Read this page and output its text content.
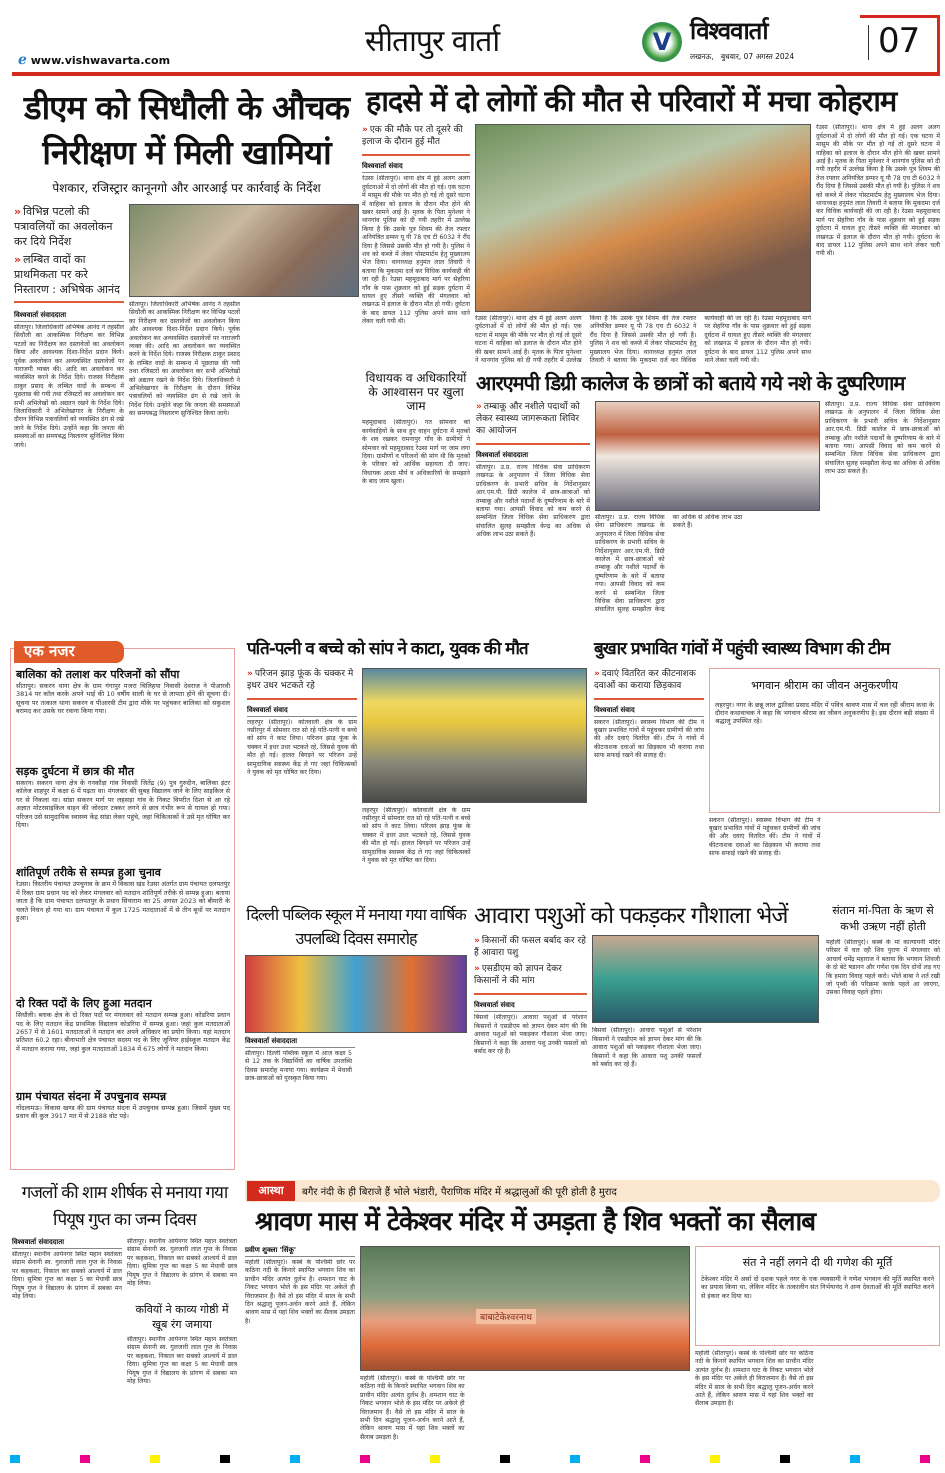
ℯ www.vishwavarta.com
सीतापुर वार्ता	V विश्ववार्ता
लखनऊ, बुधवार, 07 अगस्त 2024 07
डीएम को सिधौली के औचक निरीक्षण में मिली खामियां
पेशकार, रजिस्ट्रार कानूनगो और आरआई पर कार्रवाई के निर्देश
» विभिन्न पटलो की पत्रावलियों का अवलोकन कर दिये निर्देश
» लम्बित वादों का प्राथमिकता पर करे निस्तारण : अभिषेक आनंद
विश्ववार्ता संवाददाता
सीतापुर। जिलाधिकारी अभिषेक आनंद ने तहसील सिधौली का आकस्मिक निरीक्षण कर विभिन्न पटलों का निरीक्षण कर दस्तावेजों का अवलोकन किया और आवश्यक दिशा-निर्देश प्रदान किये। पूर्वक अवलोकन कर अव्यवस्थित दस्तावेजों पर नाराजगी व्यक्त की। आदि का अवलोकन कर व्यवस्थित करने के निर्देश दिये। राजस्व निरीक्षक ठाकुर प्रसाद के लम्बित वादों के सम्बन्ध में पूछताछ की गयी तथा रजिस्टरों का अवलोकन कर सभी अभिलेखों को अद्यतन रखने के निर्देश दिये। जिलाधिकारी ने अभिलेखागार के निरीक्षण के दौरान विभिन्न पत्रावलियों को व्यवस्थित ढंग से रखे जाने के निर्देश दिये। उन्होंने कहा कि जनता की समस्याओं का समयबद्ध निस्तारण सुनिश्चित किया जाये।
सीतापुर। जिलाधिकारी अभिषेक आनंद ने तहसील सिधौली का आकस्मिक निरीक्षण कर विभिन्न पटलों का निरीक्षण कर दस्तावेजों का अवलोकन किया और आवश्यक दिशा-निर्देश प्रदान किये। पूर्वक अवलोकन कर अव्यवस्थित दस्तावेजों पर नाराजगी व्यक्त की। आदि का अवलोकन कर व्यवस्थित करने के निर्देश दिये। राजस्व निरीक्षक ठाकुर प्रसाद के लम्बित वादों के सम्बन्ध में पूछताछ की गयी तथा रजिस्टरों का अवलोकन कर सभी अभिलेखों को अद्यतन रखने के निर्देश दिये। जिलाधिकारी ने अभिलेखागार के निरीक्षण के दौरान विभिन्न पत्रावलियों को व्यवस्थित ढंग से रखे जाने के निर्देश दिये। उन्होंने कहा कि जनता की समस्याओं का समयबद्ध निस्तारण सुनिश्चित किया जाये।
हादसे में दो लोगों की मौत से परिवारों में मचा कोहराम
» एक की मौके पर तो दूसरे की इलाज के दौरान हुई मौत
विश्ववार्ता संवाद
रेउसा (सीतापुर)। थाना क्षेत्र में हुई अलग अलग दुर्घटनाओं में दो लोगों की मौत हो गई। एक घटना में मासूम की मौके पर मौत हो गई तो दूसरे घटना में वाहिका को इलाज के दौरान मौत होने की खबर सामने आई है। मृतक के पिता मुनेश्वर ने थानगांव पुलिस को दी गयी तहरीर में उल्लेख किया है कि उसके पुत्र शिवम की तेज रफ्तार अनियंत्रित डम्फर यू पी 78 एच टी 6032 ने रौंद दिया है जिससे उसकी मौत हो गयी है। पुलिस ने शव को कब्जे में लेकर पोस्टमार्टम हेतु मुख्यालय भेज दिया। थानाध्यक्ष हनुमंत लाल तिवारी ने बताया कि मुकदमा दर्ज कर विधिक कार्यवाही की जा रही है। रेउसा महमूदाबाद मार्ग पर सेहरिया गाँव के पास शुक्रवार को हुई सड़क दुर्घटना में घायल हुए तीसरे व्यक्ति की मंगलवार को लखनऊ में इलाज के दौरान मौत हो गयी। दुर्घटना के बाद डायल 112 पुलिस अपने साथ थाने लेकर चली गयी थी।	रेउसा (सीतापुर)। थाना क्षेत्र में हुई अलग अलग दुर्घटनाओं में दो लोगों की मौत हो गई। एक घटना में मासूम की मौके पर मौत हो गई तो दूसरे घटना में वाहिका को इलाज के दौरान मौत होने की खबर सामने आई है। मृतक के पिता मुनेश्वर ने थानगांव पुलिस को दी गयी तहरीर में उल्लेख किया है कि उसके पुत्र शिवम की तेज रफ्तार अनियंत्रित डम्फर यू पी 78 एच टी 6032 ने रौंद दिया है जिससे उसकी मौत हो गयी है। पुलिस ने शव को कब्जे में लेकर पोस्टमार्टम हेतु मुख्यालय भेज दिया। थानाध्यक्ष हनुमंत लाल तिवारी ने बताया कि मुकदमा दर्ज कर विधिक कार्यवाही की जा रही है। रेउसा महमूदाबाद मार्ग पर सेहरिया गाँव के पास शुक्रवार को हुई सड़क दुर्घटना में घायल हुए तीसरे व्यक्ति की मंगलवार को लखनऊ में इलाज के दौरान मौत हो गयी। दुर्घटना के बाद डायल 112 पुलिस अपने साथ थाने लेकर चली गयी थी।
रेउसा (सीतापुर)। थाना क्षेत्र में हुई अलग अलग दुर्घटनाओं में दो लोगों की मौत हो गई। एक घटना में मासूम की मौके पर मौत हो गई तो दूसरे घटना में वाहिका को इलाज के दौरान मौत होने की खबर सामने आई है। मृतक के पिता मुनेश्वर ने थानगांव पुलिस को दी गयी तहरीर में उल्लेख किया है कि उसके पुत्र शिवम की तेज रफ्तार अनियंत्रित डम्फर यू पी 78 एच टी 6032 ने रौंद दिया है जिससे उसकी मौत हो गयी है। पुलिस ने शव को कब्जे में लेकर पोस्टमार्टम हेतु मुख्यालय भेज दिया। थानाध्यक्ष हनुमंत लाल तिवारी ने बताया कि मुकदमा दर्ज कर विधिक कार्यवाही की जा रही है। रेउसा महमूदाबाद मार्ग पर सेहरिया गाँव के पास शुक्रवार को हुई सड़क दुर्घटना में घायल हुए तीसरे व्यक्ति की मंगलवार को लखनऊ में इलाज के दौरान मौत हो गयी। दुर्घटना के बाद डायल 112 पुलिस अपने साथ थाने लेकर चली गयी थी।
विधायक व अधिकारियों के आश्वासन पर खुला जाम
महमूदाबाद (सीतापुर)। गत सोमवार को कार्यवाहियों के साथ हुए वाहन दुर्घटना में मृतकों के शव रखकर रामनापुर गाँव के ग्रामीणों ने सोमवार को महमूदाबाद रेउसा मार्ग पर जाम लगा दिया। ग्रामीणों व परिजनों की मांग थी कि मृतकों के परिवार को आर्थिक सहायता दी जाए। विधायक आशा मौर्य व अधिकारियों के समझाने के बाद जाम खुला।
आरएमपी डिग्री कालेज के छात्रों को बताये गये नशे के दुष्परिणाम
» तम्बाकू और नशीले पदार्थो को लेकर स्वास्थ्य जागरूकता शिविर का आयोजन
विश्ववार्ता संवाददाता
सीतापुर। उ.प्र. राज्य विधिक सेवा प्राधिकरण लखनऊ के अनुपालन में जिला विधिक सेवा प्राधिकरण के प्रभारी सचिव के निर्देशानुसार आर.एम.पी. डिग्री कालेज में छात्र-छात्राओं को तम्बाकू और नशीले पदार्थों के दुष्परिणाम के बारे में बताया गया। आपसी विवाद को कम करने से सम्बन्धित जिला विधिक सेवा प्राधिकरण द्वारा संचालित सुलह समझौता केन्द्र का अधिक से अधिक लाभ उठा सकते हैं।
सीतापुर। उ.प्र. राज्य विधिक सेवा प्राधिकरण लखनऊ के अनुपालन में जिला विधिक सेवा प्राधिकरण के प्रभारी सचिव के निर्देशानुसार आर.एम.पी. डिग्री कालेज में छात्र-छात्राओं को तम्बाकू और नशीले पदार्थों के दुष्परिणाम के बारे में बताया गया। आपसी विवाद को कम करने से सम्बन्धित जिला विधिक सेवा प्राधिकरण द्वारा संचालित सुलह समझौता केन्द्र का अधिक से अधिक लाभ उठा सकते हैं।
सीतापुर। उ.प्र. राज्य विधिक सेवा प्राधिकरण लखनऊ के अनुपालन में जिला विधिक सेवा प्राधिकरण के प्रभारी सचिव के निर्देशानुसार आर.एम.पी. डिग्री कालेज में छात्र-छात्राओं को तम्बाकू और नशीले पदार्थों के दुष्परिणाम के बारे में बताया गया। आपसी विवाद को कम करने से सम्बन्धित जिला विधिक सेवा प्राधिकरण द्वारा संचालित सुलह समझौता केन्द्र का अधिक से अधिक लाभ उठा सकते हैं।
एक नजर
बालिका को तलाश कर परिजनों को सौंपा
सीतापुर। सकरन थाना क्षेत्र के ग्राम गंगापुर मजरा चिलिहया निवासी देवराज ने पीआरवी 3814 पर कॉल करके अपने भाई की 10 वर्षीय साली के घर से लापता होने की सूचना दी। सूचना पर तत्काल थाना सकरन व पीआरवी टीम द्वारा मौके पर पहुंचकर बालिका को सकुशल बरामद कर उसके घर रवाना किया गया।
सड़क दुर्घटना में छात्र की मौत
सकरन। सकरन थाना क्षेत्र के गनकौड़ा गांव निवासी जितेंद्र (9) पुत्र गुरुदीन, बालिका इंटर कॉलेज शाहपुर में कक्षा 6 में पढ़ता था। मंगलवार की सुबह विद्यालय जाने के लिए साइकिल से घर से निकला था। सांडा सकरन मार्ग पर लहसड़ा गांव के निकट विपरीत दिशा से आ रहे अज्ञात मोटरसाइकिल वाहन की जोरदार टक्कर लगने से छात्र गंभीर रूप से घायल हो गया। परिजन उसे सामुदायिक स्वास्थ्य केंद्र सांडा लेकर पहुंचे, जहां चिकित्सकों ने उसे मृत घोषित कर दिया।
शांतिपूर्ण तरीके से सम्पन्न हुआ चुनाव
रेउसा। त्रिस्तरीय पंचायत उपचुनाव के क्रम में विकास खंड रेउसा अंतर्गत ग्राम पंचायत दलपतपुर में रिक्त ग्राम प्रधान पद को लेकर मंगलवार को मतदान शांतिपूर्ण तरीके से सम्पन्न हुआ। बताया जाता है कि ग्राम पंचायत दलपतपुर के प्रधान सियाराम का 25 अगस्त 2023 को बीमारी के चलते निधन हो गया था। ग्राम पंचायत में कुल 1725 मतदाताओं में से तीन बूथों पर मतदान हुआ।
दो रिक्त पदों के लिए हुआ मतदान
सिधौली। ब्लाक क्षेत्र के दो रिक्त पदों पर मंगलवार को मतदान सम्पन्न हुआ। कोडरिया प्रधान पद के लिए मतदान केंद्र प्राथमिक विद्यालय कोडरिया में सम्पन्न हुआ। जहां कुल मतदाताओं 2657 में से 1601 मतदाताओं ने मतदान कर अपने अधिकार का प्रयोग किया। यहां मतदान प्रतिशत 60.2 रहा। बीनाभारी क्षेत्र पंचायत सदस्य पद के लिए जूनियर हाईस्कूल मतदान केंद्र में मतदान कराया गया, जहां कुल मतदाताओं 1834 में 675 लोगों ने मतदान किया।
ग्राम पंचायत संदना में उपचुनाव सम्पन्न
गोंदलामऊ। विकास खण्ड की ग्राम पंचायत संदना में उपचुनाव सम्पन्न हुआ। जिसमें मुख्य पद प्रधान की कुल 3917 मत में से 2188 वोट पड़े।
पति-पत्नी व बच्चे को सांप ने काटा, युवक की मौत
» परिजन झाड़ फूंक के चक्कर मे इधर उधर भटकते रहे
विश्ववार्ता संवाद
लहरपुर (सीतापुर)। कोतवाली क्षेत्र के ग्राम नसीरपुर में सोमवार रात सो रहे पति-पत्नी व बच्चे को सांप ने काट लिया। परिजन झाड़ फूंक के चक्कर में इधर उधर भटकते रहे, जिससे युवक की मौत हो गई। हालत बिगड़ने पर परिजन उन्हें सामुदायिक स्वास्थ्य केंद्र ले गए जहां चिकित्सकों ने युवक को मृत घोषित कर दिया।
लहरपुर (सीतापुर)। कोतवाली क्षेत्र के ग्राम नसीरपुर में सोमवार रात सो रहे पति-पत्नी व बच्चे को सांप ने काट लिया। परिजन झाड़ फूंक के चक्कर में इधर उधर भटकते रहे, जिससे युवक की मौत हो गई। हालत बिगड़ने पर परिजन उन्हें सामुदायिक स्वास्थ्य केंद्र ले गए जहां चिकित्सकों ने युवक को मृत घोषित कर दिया।
बुखार प्रभावित गांवों में पहुंची स्वास्थ्य विभाग की टीम
» दवाएं वितरित कर कीटनाशक दवाओं का कराया छिड़काव
विश्ववार्ता संवाद
सकरन (सीतापुर)। स्वास्थ्य विभाग की टीम ने बुखार प्रभावित गांवों में पहुंचकर ग्रामीणों की जांच की और दवाएं वितरित कीं। टीम ने गांवों में कीटनाशक दवाओं का छिड़काव भी कराया तथा साफ सफाई रखने की सलाह दी।
भगवान श्रीराम का जीवन अनुकरणीय
लहरपुर। नगर के छन्नू लाल द्वारिका प्रसाद मंदिर में पवित्र श्रावण मास में चल रही श्रीराम कथा के दौरान कथावाचक ने कहा कि भगवान श्रीराम का जीवन अनुकरणीय है। इस दौरान बड़ी संख्या में श्रद्धालु उपस्थित रहे।
सकरन (सीतापुर)। स्वास्थ्य विभाग की टीम ने बुखार प्रभावित गांवों में पहुंचकर ग्रामीणों की जांच की और दवाएं वितरित कीं। टीम ने गांवों में कीटनाशक दवाओं का छिड़काव भी कराया तथा साफ सफाई रखने की सलाह दी।
दिल्ली पब्लिक स्कूल में मनाया गया वार्षिक उपलब्धि दिवस समारोह
विश्ववार्ता संवाददाता
सीतापुर। दिल्ली पब्लिक स्कूल में आज कक्षा 5 से 12 तक के विद्यार्थियों का वार्षिक उपलब्धि दिवस समारोह मनाया गया। कार्यक्रम में मेधावी छात्र-छात्राओं को पुरस्कृत किया गया।
आवारा पशुओं को पकड़कर गौशाला भेजें
» किसानों की फसल बर्बाद कर रहे हैं आवारा पशु
» एसडीएम को ज्ञापन देकर किसानों ने की मांग
विश्ववार्ता संवाद
बिसवां (सीतापुर)। आवारा पशुओं से परेशान किसानों ने एसडीएम को ज्ञापन देकर मांग की कि आवारा पशुओं को पकड़कर गौशाला भेजा जाए। किसानों ने कहा कि आवारा पशु उनकी फसलों को बर्बाद कर रहे हैं।
बिसवां (सीतापुर)। आवारा पशुओं से परेशान किसानों ने एसडीएम को ज्ञापन देकर मांग की कि आवारा पशुओं को पकड़कर गौशाला भेजा जाए। किसानों ने कहा कि आवारा पशु उनकी फसलों को बर्बाद कर रहे हैं।
संतान मां-पिता के ऋण से कभी उऋण नहीं होती
महोली (सीतापुर)। कस्बे के मां कात्यायनी मंदिर परिसर में चल रही शिव पुराण में मंगलवार को आचार्य धर्मेंद्र महाराज ने बताया कि भगवान शिवजी के दो बेटे षडानन और गणेश एक दिन दोनों लड़ गए कि हमारा विवाह पहले करो। भोले बाबा ने शर्त रखी जो पृथ्वी की परिक्रमा करके पहले आ जाएगा, उसका विवाह पहले होगा।
गजलों की शाम शीर्षक से मनाया गया पियूष गुप्त का जन्म दिवस
विश्ववार्ता संवाददाता
सीतापुर। स्थानीय आर्यनगर स्थित महान स्वतंत्रता संग्राम सेनानी स्व. गुलजारी लाल गुप्त के निवास पर कहकशा, निकाल कर सबको आश्चर्य में डाल दिया। सुमित्रा गुप्त का कक्षा 5 का मेधावी छात्र पियूष गुप्त ने विद्यालय के प्रांगण में सबका मन मोह लिया।
सीतापुर। स्थानीय आर्यनगर स्थित महान स्वतंत्रता संग्राम सेनानी स्व. गुलजारी लाल गुप्त के निवास पर कहकशा, निकाल कर सबको आश्चर्य में डाल दिया। सुमित्रा गुप्त का कक्षा 5 का मेधावी छात्र पियूष गुप्त ने विद्यालय के प्रांगण में सबका मन मोह लिया।
कवियों ने काव्य गोष्ठी में खूब रंग जमाया
सीतापुर। स्थानीय आर्यनगर स्थित महान स्वतंत्रता संग्राम सेनानी स्व. गुलजारी लाल गुप्त के निवास पर कहकशा, निकाल कर सबको आश्चर्य में डाल दिया। सुमित्रा गुप्त का कक्षा 5 का मेधावी छात्र पियूष गुप्त ने विद्यालय के प्रांगण में सबका मन मोह लिया।
आस्था	बगैर नंदी के ही बिराजे हैं भोले भंडारी, पैराणिक मंदिर में श्रद्धालुओं की पूरी होती है मुराद
श्रावण मास में टेकेश्वर मंदिर में उमड़ता है शिव भक्तों का सैलाब
प्रवीण शुक्ला 'सिंकू'
महोली (सीतापुर)। कस्बे के पश्चिमी छोर पर कठिना नदी के किनारे स्थापित भगवान शिव का प्राचीन मंदिर अत्यंत दुर्लभ है। शमशान घाट के निकट भगवान भोले के इस मंदिर पर अकेले ही विराजमान हैं। वैसे तो इस मंदिर में साल के सभी दिन श्रद्धालु पूजन-अर्चन करने आते हैं, लेकिन श्रावण मास में यहां शिव भक्तों का सैलाब उमड़ता है।	बाबाटेकेश्वरनाथ
महोली (सीतापुर)। कस्बे के पश्चिमी छोर पर कठिना नदी के किनारे स्थापित भगवान शिव का प्राचीन मंदिर अत्यंत दुर्लभ है। शमशान घाट के निकट भगवान भोले के इस मंदिर पर अकेले ही विराजमान हैं। वैसे तो इस मंदिर में साल के सभी दिन श्रद्धालु पूजन-अर्चन करने आते हैं, लेकिन श्रावण मास में यहां शिव भक्तों का सैलाब उमड़ता है।
संत ने नहीं लगने दी थी गणेश की मूर्ति
टेकेश्वर मंदिर में अर्सा दो दशक पहले नगर के एक व्यवसायी ने गणेश भगवान की मूर्ति स्थापित करने का प्रयास किया था, लेकिन मंदिर के तत्कालीन संत निर्भयानंद ने अन्य देवताओं की मूर्ति स्थापित करने से इंकार कर दिया था।
महोली (सीतापुर)। कस्बे के पश्चिमी छोर पर कठिना नदी के किनारे स्थापित भगवान शिव का प्राचीन मंदिर अत्यंत दुर्लभ है। शमशान घाट के निकट भगवान भोले के इस मंदिर पर अकेले ही विराजमान हैं। वैसे तो इस मंदिर में साल के सभी दिन श्रद्धालु पूजन-अर्चन करने आते हैं, लेकिन श्रावण मास में यहां शिव भक्तों का सैलाब उमड़ता है।
